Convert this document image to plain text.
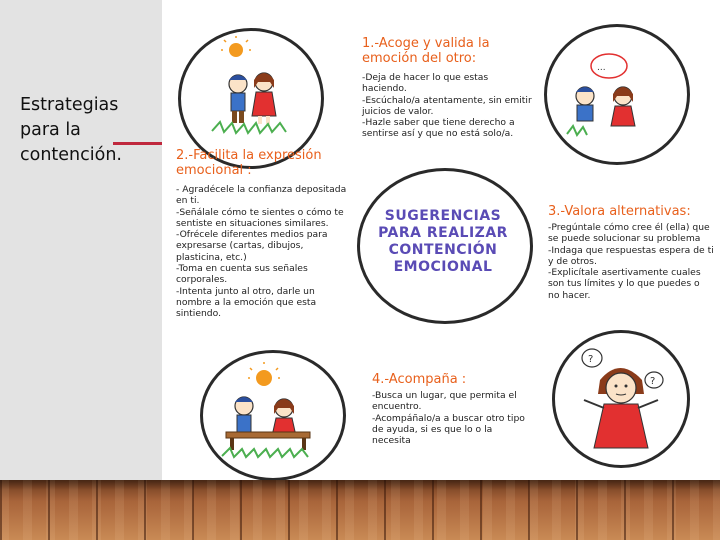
Estrategias para la contención.
...
SUGERENCIAS PARA REALIZAR CONTENCIÓN EMOCIONAL
?
?
1.-Acoge y valida la emoción del otro:
-Deja de hacer lo que estas haciendo.
-Escúchalo/a atentamente, sin emitir juicios de valor.
-Hazle saber que tiene derecho a sentirse así y que no está solo/a.
2.-Facilita la expresión emocional :
- Agradécele la confianza depositada en ti.
-Señálale cómo te sientes o cómo te sentiste en situaciones similares.
-Ofrécele diferentes medios para expresarse (cartas, dibujos, plasticina, etc.)
-Toma en cuenta sus señales corporales.
-Intenta junto al otro, darle un nombre a la emoción que esta sintiendo.
3.-Valora alternativas:
-Pregúntale cómo cree él (ella) que se puede solucionar su problema
-Indaga que respuestas espera de ti y de otros.
-Explicítale asertivamente cuales son tus límites y lo que puedes o no hacer.
4.-Acompaña :
-Busca un lugar, que permita el encuentro.
-Acompáñalo/a a buscar otro tipo de ayuda, si es que lo o la necesita
